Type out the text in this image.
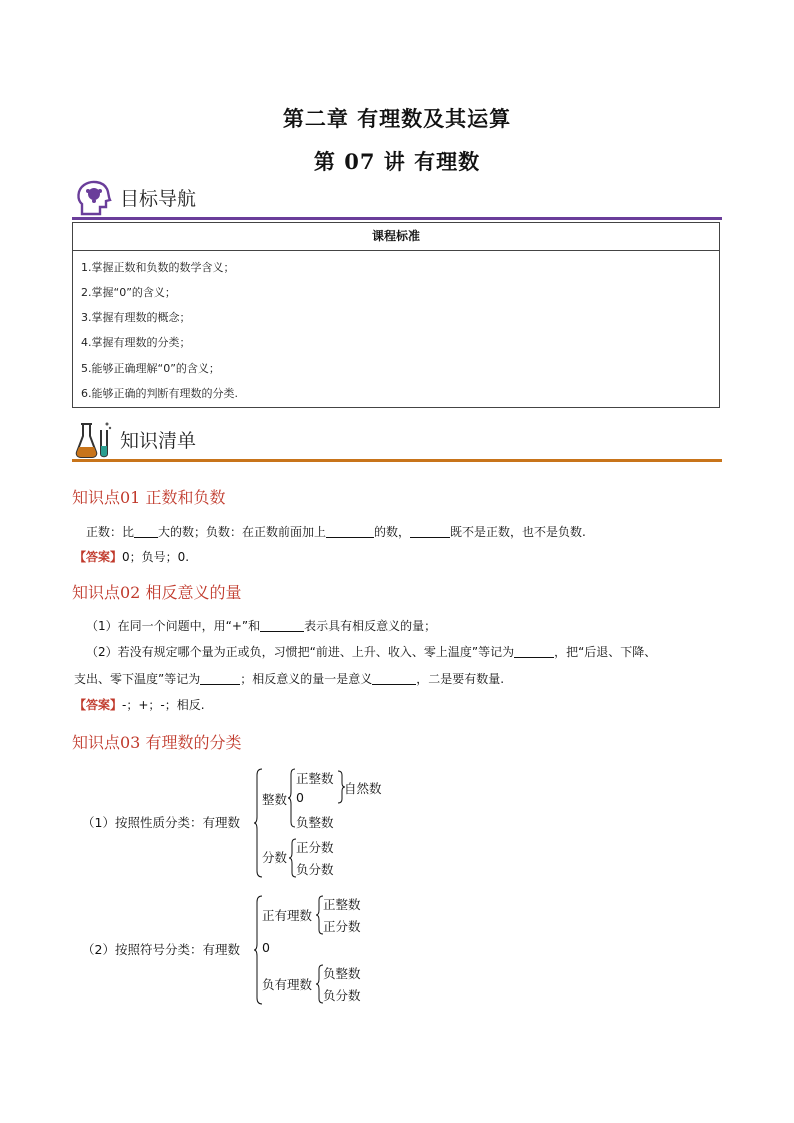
第二章 有理数及其运算
第 07 讲 有理数
目标导航
课程标准
1.掌握正数和负数的数学含义；
2.掌握“0”的含义；
3.掌握有理数的概念；
4.掌握有理数的分类；
5.能够正确理解“0”的含义；
6.能够正确的判断有理数的分类.
知识清单
知识点01 正数和负数
正数：比 大的数；负数：在正数前面加上	的数，	既不是正数，也不是负数.
【答案】0；负号；0.
知识点02 相反意义的量
（1）在同一个问题中，用“+”和	表示具有相反意义的量；
（2）若没有规定哪个量为正或负，习惯把“前进、上升、收入、零上温度”等记为	，把“后退、下降、
支出、零下温度”等记为	；相反意义的量一是意义	，二是要有数量.
【答案】-；+；-；相反.
知识点03 有理数的分类
（1）按照性质分类：有理数
整数
正整数
0
自然数
负整数
分数
正分数
负分数
（2）按照符号分类：有理数
正有理数
正整数
正分数
0
负有理数
负整数
负分数
